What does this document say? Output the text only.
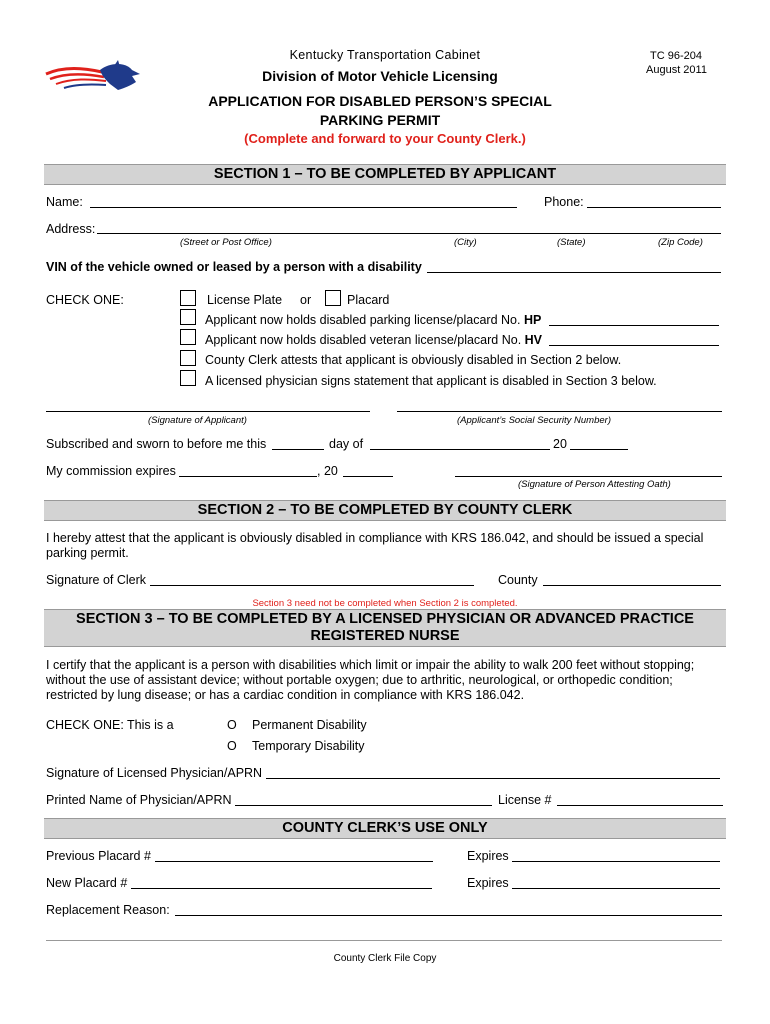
Kentucky Transportation Cabinet
Division of Motor Vehicle Licensing
APPLICATION FOR DISABLED PERSON’S SPECIAL
PARKING PERMIT
(Complete and forward to your County Clerk.)
TC 96-204
August 2011
SECTION 1 – TO BE COMPLETED BY APPLICANT
Name:	Phone:
Address:
(Street or Post Office)	(City)	(State)	(Zip Code)
VIN of the vehicle owned or leased by a person with a disability
CHECK ONE:	License Plate or	Placard
Applicant now holds disabled parking license/placard No. HP
Applicant now holds disabled veteran license/placard No. HV
County Clerk attests that applicant is obviously disabled in Section 2 below.
A licensed physician signs statement that applicant is disabled in Section 3 below.
(Signature of Applicant)	(Applicant’s Social Security Number)
Subscribed and sworn to before me this	day of	20
My commission expires	, 20
(Signature of Person Attesting Oath)
SECTION 2 – TO BE COMPLETED BY COUNTY CLERK
I hereby attest that the applicant is obviously disabled in compliance with KRS 186.042, and should be issued a special
parking permit.
Signature of Clerk	County
Section 3 need not be completed when Section 2 is completed.
SECTION 3 – TO BE COMPLETED BY A LICENSED PHYSICIAN OR ADVANCED PRACTICE
REGISTERED NURSE
I certify that the applicant is a person with disabilities which limit or impair the ability to walk 200 feet without stopping;
without the use of assistant device; without portable oxygen; due to arthritic, neurological, or orthopedic condition;
restricted by lung disease; or has a cardiac condition in compliance with KRS 186.042.
CHECK ONE: This is a	O Permanent Disability
O Temporary Disability
Signature of Licensed Physician/APRN
Printed Name of Physician/APRN	License #
COUNTY CLERK’S USE ONLY
Previous Placard #	Expires
New Placard #	Expires
Replacement Reason:
County Clerk File Copy
